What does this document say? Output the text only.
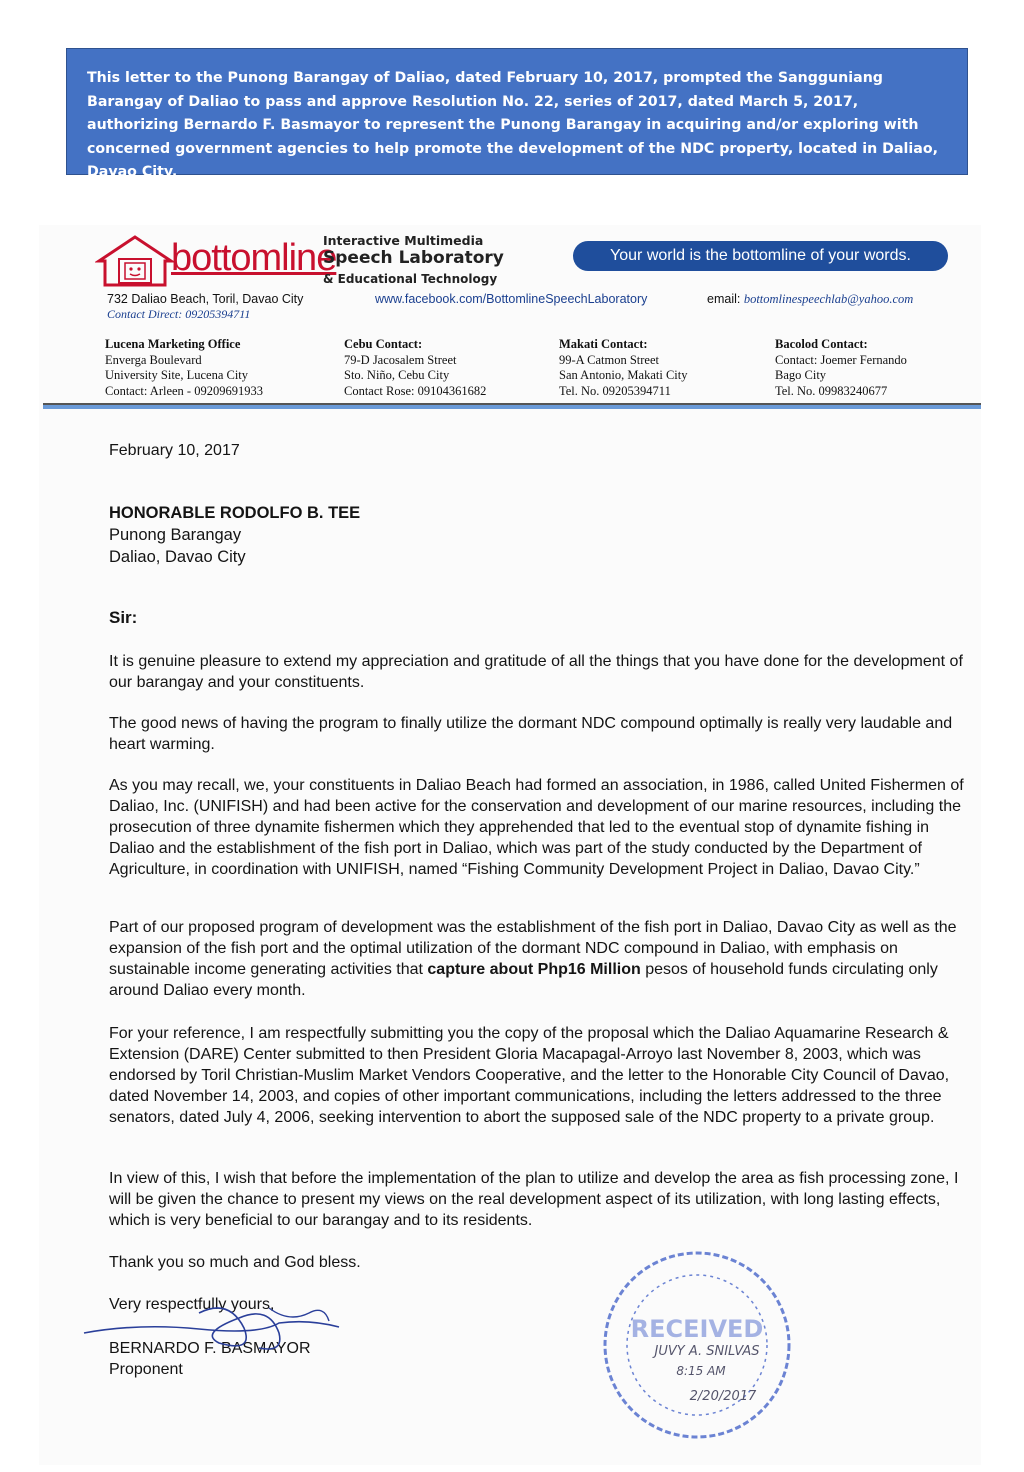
This letter to the Punong Barangay of Daliao, dated February 10, 2017, prompted the Sangguniang Barangay of Daliao to pass and approve Resolution No. 22, series of 2017, dated March 5, 2017, authorizing Bernardo F. Basmayor to represent the Punong Barangay in acquiring and/or exploring with concerned government agencies to help promote the development of the NDC property, located in Daliao, Davao City.
bottomline
Interactive Multimedia
Speech Laboratory
& Educational Technology
Your world is the bottomline of your words.
732 Daliao Beach, Toril, Davao City	www.facebook.com/BottomlineSpeechLaboratory	email: bottomlinespeechlab@yahoo.com
Contact Direct: 09205394711
Lucena Marketing Office
Enverga Boulevard
University Site, Lucena City
Contact: Arleen - 09209691933
Cebu Contact:
79-D Jacosalem Street
Sto. Niño, Cebu City
Contact Rose: 09104361682
Makati Contact:
99-A Catmon Street
San Antonio, Makati City
Tel. No. 09205394711
Bacolod Contact:
Contact: Joemer Fernando
Bago City
Tel. No. 09983240677
February 10, 2017
HONORABLE RODOLFO B. TEE
Punong Barangay
Daliao, Davao City
Sir:
It is genuine pleasure to extend my appreciation and gratitude of all the things that you have done for the development of our barangay and your constituents.
The good news of having the program to finally utilize the dormant NDC compound optimally is really very laudable and heart warming.
As you may recall, we, your constituents in Daliao Beach had formed an association, in 1986, called United Fishermen of Daliao, Inc. (UNIFISH) and had been active for the conservation and development of our marine resources, including the prosecution of three dynamite fishermen which they apprehended that led to the eventual stop of dynamite fishing in Daliao and the establishment of the fish port in Daliao, which was part of the study conducted by the Department of Agriculture, in coordination with UNIFISH, named “Fishing Community Development Project in Daliao, Davao City.”
Part of our proposed program of development was the establishment of the fish port in Daliao, Davao City as well as the expansion of the fish port and the optimal utilization of the dormant NDC compound in Daliao, with emphasis on sustainable income generating activities that capture about Php16 Million pesos of household funds circulating only around Daliao every month.
For your reference, I am respectfully submitting you the copy of the proposal which the Daliao Aquamarine Research & Extension (DARE) Center submitted to then President Gloria Macapagal-Arroyo last November 8, 2003, which was endorsed by Toril Christian-Muslim Market Vendors Cooperative, and the letter to the Honorable City Council of Davao, dated November 14, 2003, and copies of other important communications, including the letters addressed to the three senators, dated July 4, 2006, seeking intervention to abort the supposed sale of the NDC property to a private group.
In view of this, I wish that before the implementation of the plan to utilize and develop the area as fish processing zone, I will be given the chance to present my views on the real development aspect of its utilization, with long lasting effects, which is very beneficial to our barangay and to its residents.
Thank you so much and God bless.
Very respectfully yours,
BERNARDO F. BASMAYOR
Proponent
RECEIVED
JUVY A. SNILVAS
8:15 AM
2/20/2017
